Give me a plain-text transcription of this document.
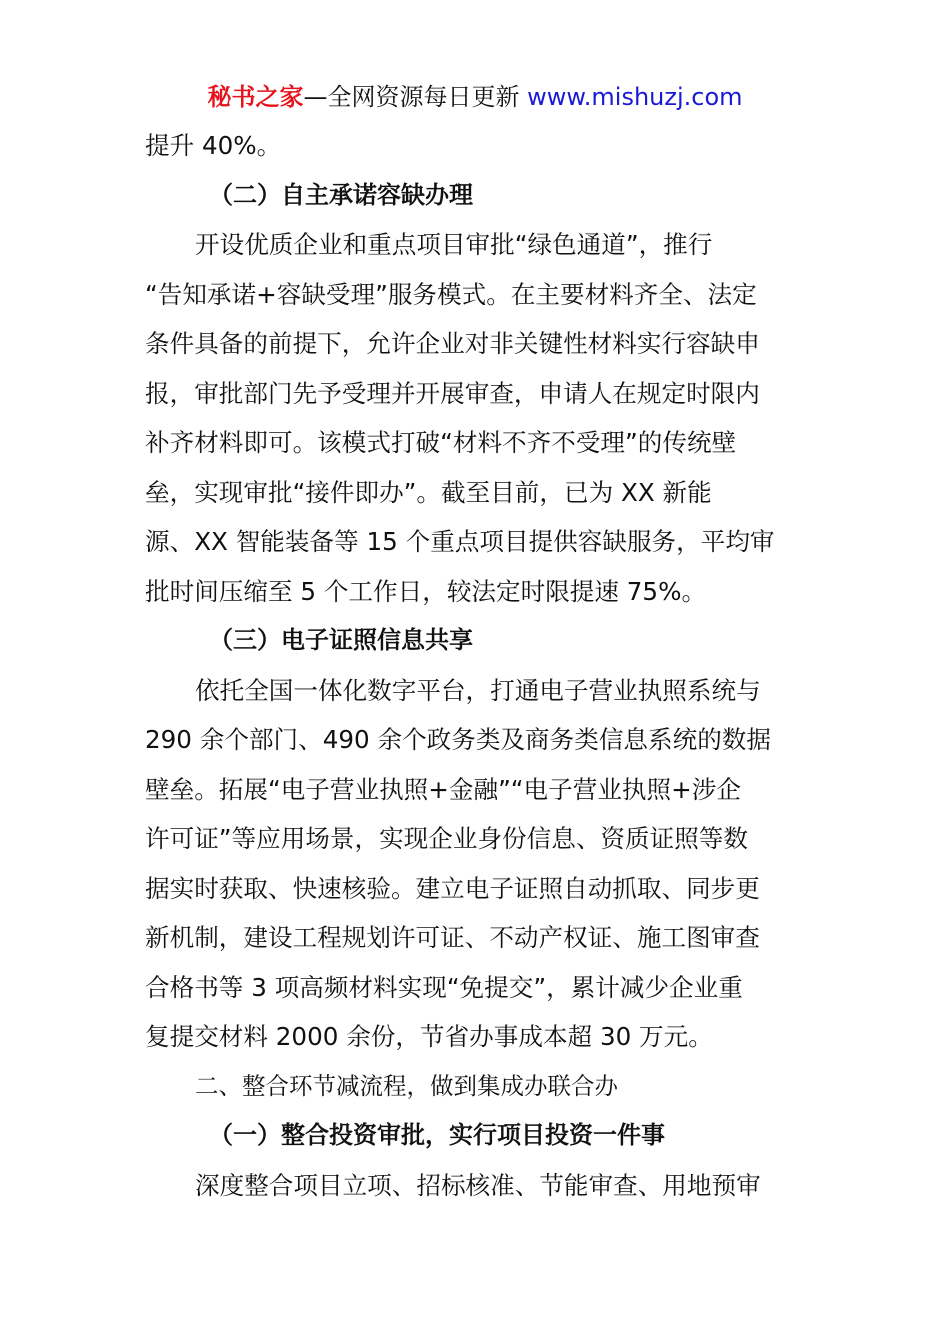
秘书之家—全网资源每日更新 www.mishuzj.com
提升 40%。
（二）自主承诺容缺办理
开设优质企业和重点项目审批“绿色通道”，推行
“告知承诺+容缺受理”服务模式。在主要材料齐全、法定
条件具备的前提下，允许企业对非关键性材料实行容缺申
报，审批部门先予受理并开展审查，申请人在规定时限内
补齐材料即可。该模式打破“材料不齐不受理”的传统壁
垒，实现审批“接件即办”。截至目前，已为 XX 新能
源、XX 智能装备等 15 个重点项目提供容缺服务，平均审
批时间压缩至 5 个工作日，较法定时限提速 75%。
（三）电子证照信息共享
依托全国一体化数字平台，打通电子营业执照系统与
290 余个部门、490 余个政务类及商务类信息系统的数据
壁垒。拓展“电子营业执照+金融”“电子营业执照+涉企
许可证”等应用场景，实现企业身份信息、资质证照等数
据实时获取、快速核验。建立电子证照自动抓取、同步更
新机制，建设工程规划许可证、不动产权证、施工图审查
合格书等 3 项高频材料实现“免提交”，累计减少企业重
复提交材料 2000 余份，节省办事成本超 30 万元。
二、整合环节减流程，做到集成办联合办
（一）整合投资审批，实行项目投资一件事
深度整合项目立项、招标核准、节能审查、用地预审
